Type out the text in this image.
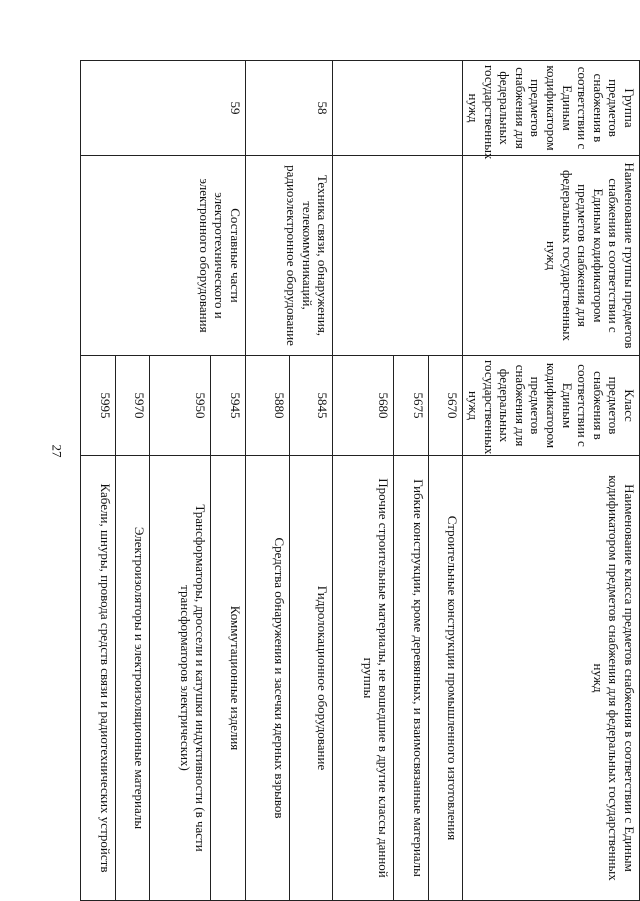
27
Группа предметов снабжения в соответствии с Единым кодификатором предметов снабжения для федеральных государственных нужд	Наименование группы предметов снабжения в соответствии с Единым кодификатором предметов снабжения для федеральных государственных нужд	Класс предметов снабжения в соответствии с Единым кодификатором предметов снабжения для федеральных государственных нужд	Наименование класса предметов снабжения в соответствии с Единым кодификатором предметов снабжения для федеральных государственных нужд
		5670	Строительные конструкции промышленного изготовления
		5675	Гибкие конструкции, кроме деревянных, и взаимосвязанные материалы
		5680	Прочие строительные материалы, не вошедшие в другие классы данной группы
58	Техника связи, обнаружения, телекоммуникаций, радиоэлектронное оборудование	5845	Гидролокационное оборудование
		5880	Средства обнаружения и засечки ядерных взрывов
59	Составные части электротехнического и электронного оборудования	5945	Коммутационные изделия
		5950	Трансформаторы, дроссели и катушки индуктивности (в части трансформаторов электрических)
		5970	Электроизоляторы и электроизоляционные материалы
		5995	Кабели, шнуры, провода средств связи и радиотехнических устройств
